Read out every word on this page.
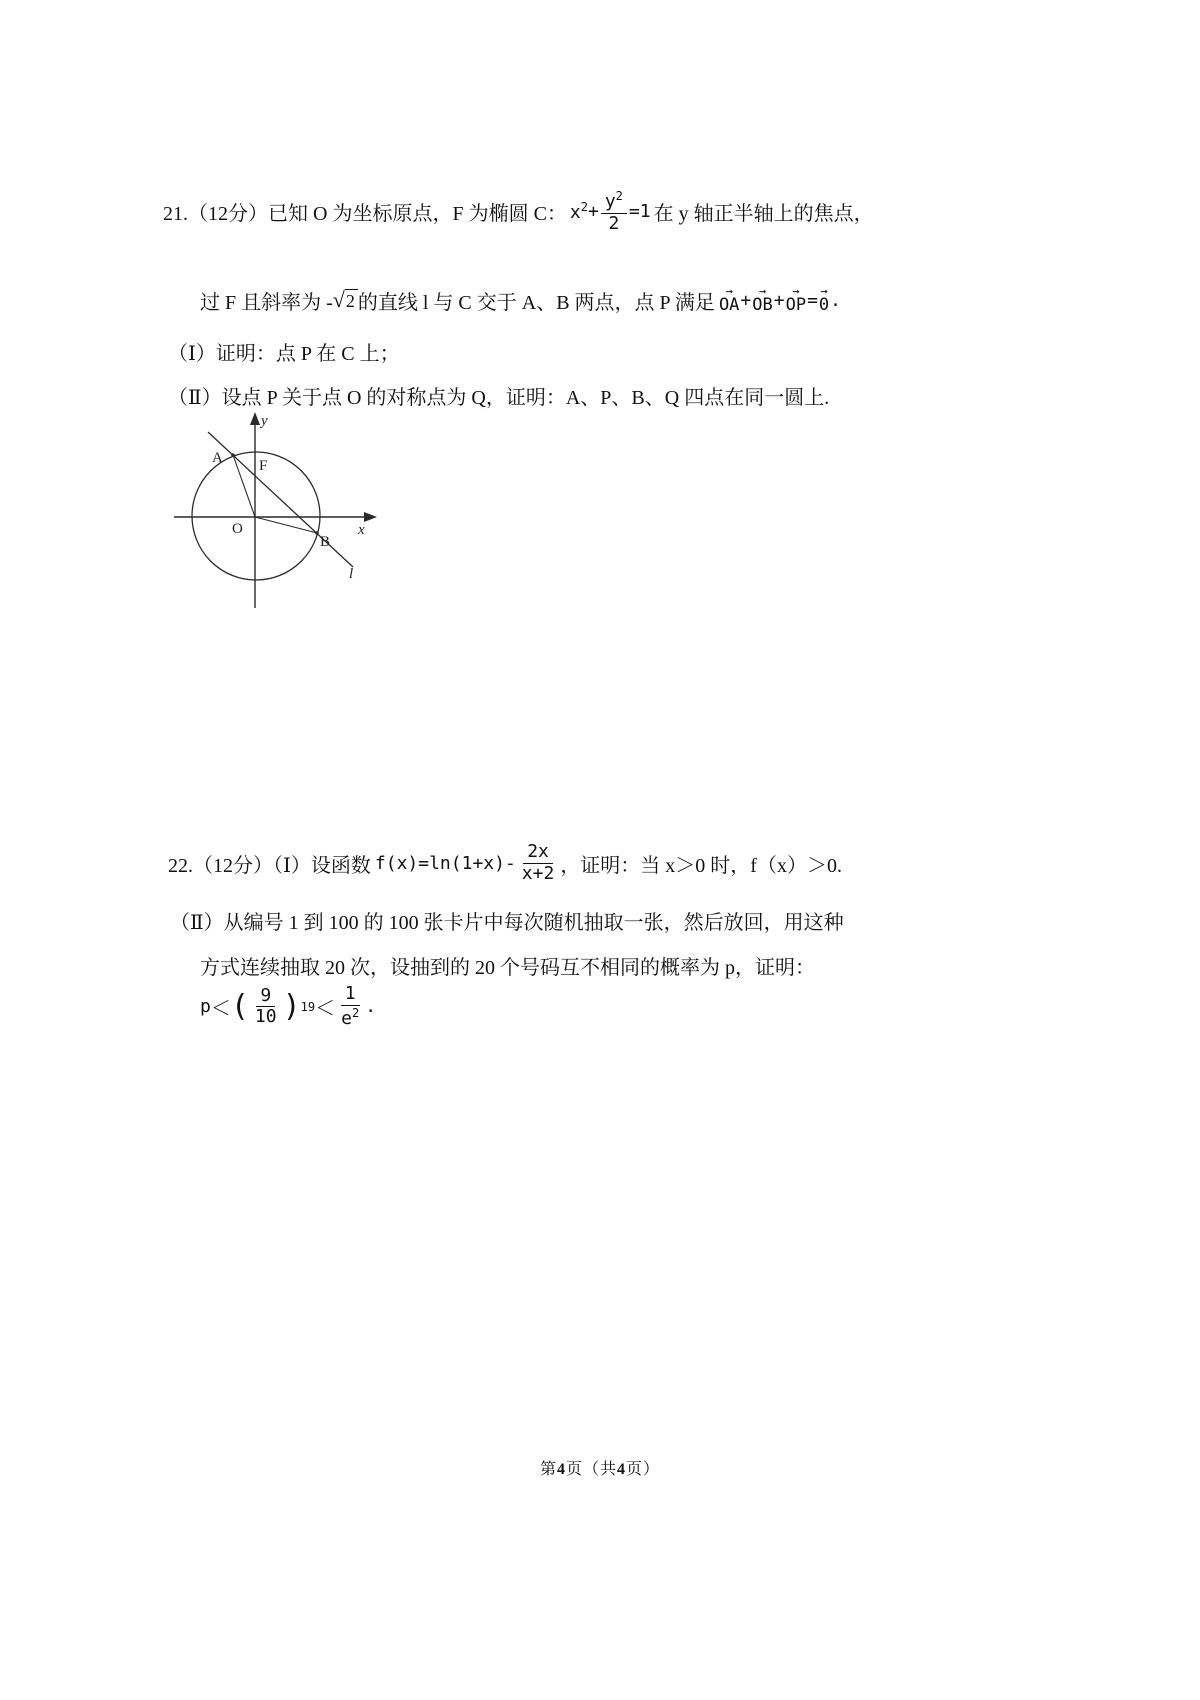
21.（12分）已知 O 为坐标原点，F 为椭圆 C： $x^2 + \frac{y^2}{2} =1$ 在 y 轴正半轴上的焦点，
过 F 且斜率为 - √ 2 的直线 l 与 C 交于 A、B 两点，点 P 满足
→
OA + →
OB + →
OP = →
0 .
（Ⅰ）证明：点 P 在 C 上；
（Ⅱ）设点 P 关于点 O 的对称点为 Q，证明：A、P、B、Q 四点在同一圆上.
y
x
A F
O
B
l
22.（12分）（Ⅰ）设函数 $f(x)=\ln(1+x)- \frac{2x}{x+2}$ ，证明：当 x＞0 时，f（x）＞0.
（Ⅱ）从编号 1 到 100 的 100 张卡片中每次随机抽取一张，然后放回，用这种
方式连续抽取 20 次，设抽到的 20 个号码互不相同的概率为 p，证明：
p ＜ ( $\frac{9}{10}$ ) $19 < \frac{1}{e^2}$ .
第4页（共4页）
